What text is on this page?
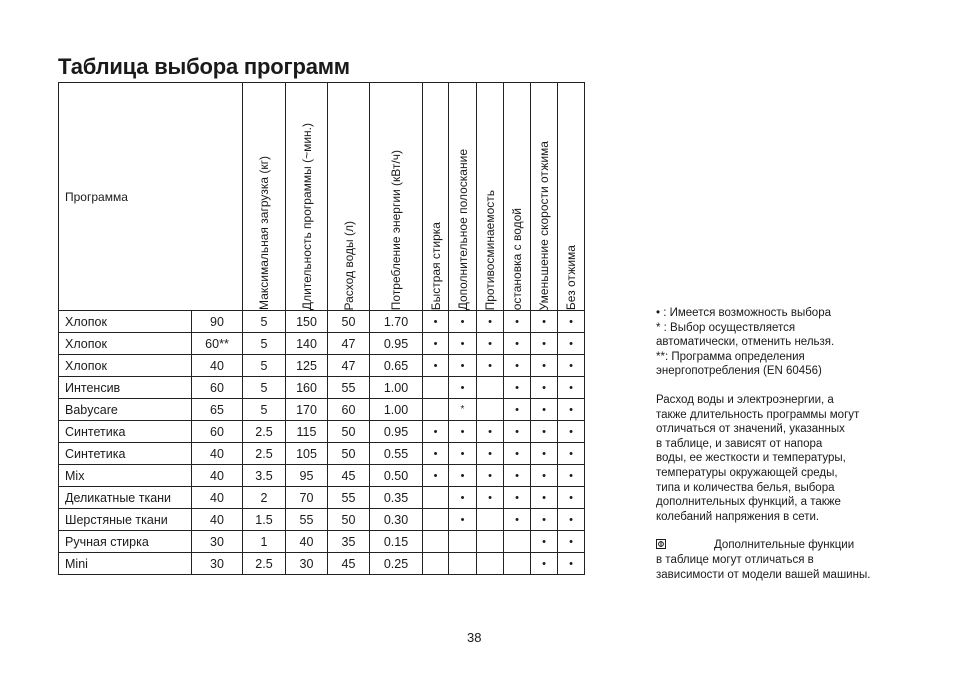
Таблица выбора программ
Программа		Максимальная загрузка (кг)	Длительность программы (~мин.)	Расход воды (л)	Потребление энергии (кВт/ч)	Быстрая стирка	Дополнительное полоскание	Противосминаемость	остановка с водой	Уменьшение скорости отжима	Без отжима

Хлопок	90	5	150	50	1.70	•	•	•	•	•	•
Хлопок	60**	5	140	47	0.95	•	•	•	•	•	•
Хлопок	40	5	125	47	0.65	•	•	•	•	•	•
Интенсив	60	5	160	55	1.00		•		•	•	•
Babycare	65	5	170	60	1.00		*		•	•	•
Синтетика	60	2.5	115	50	0.95	•	•	•	•	•	•
Синтетика	40	2.5	105	50	0.55	•	•	•	•	•	•
Mix	40	3.5	95	45	0.50	•	•	•	•	•	•
Деликатные ткани	40	2	70	55	0.35		•	•	•	•	•
Шерстяные ткани	40	1.5	55	50	0.30		•		•	•	•
Ручная стирка	30	1	40	35	0.15					•	•
Mini	30	2.5	30	45	0.25					•	•

• : Имеется возможность выбора

* : Выбор осуществляется

автоматически, отменить нельзя.

**: Программа определения

энергопотребления (EN 60456)

Расход воды и электроэнергии, а

также длительность программы могут

отличаться от значений, указанных

в таблице, и зависят от напора

воды, ее жесткости и температуры,

температуры окружающей среды,

типа и количества белья, выбора

дополнительных функций, а также

колебаний напряжения в сети.

Дополнительные функции

в таблице могут отличаться в

зависимости от модели вашей машины.

38
